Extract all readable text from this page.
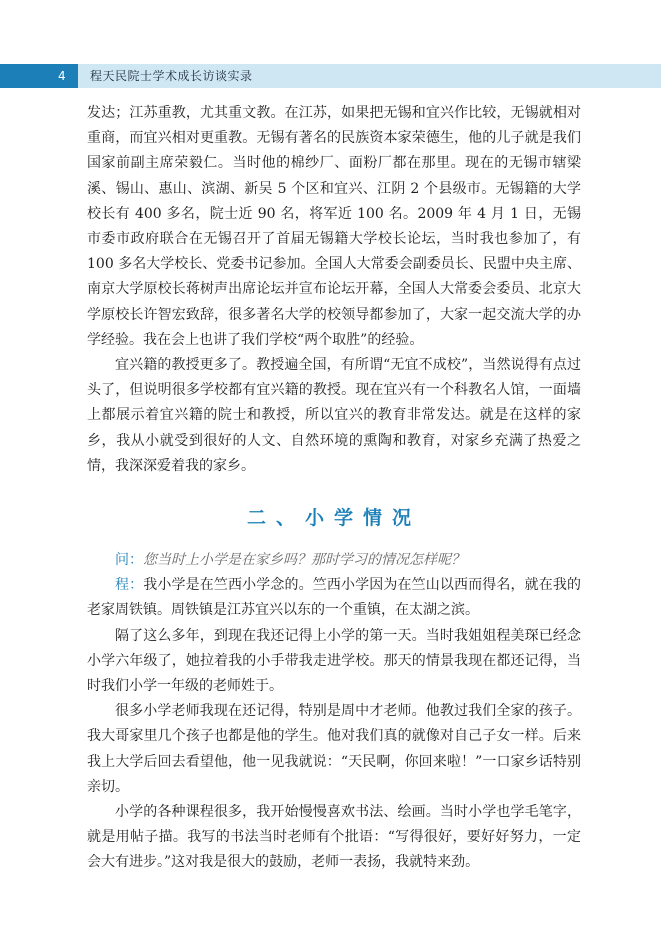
4	程天民院士学术成长访谈实录

发达；江苏重教，尤其重文教。在江苏，如果把无锡和宜兴作比较，无锡就相对重商，而宜兴相对更重教。无锡有著名的民族资本家荣德生，他的儿子就是我们国家前副主席荣毅仁。当时他的棉纱厂、面粉厂都在那里。现在的无锡市辖梁溪、锡山、惠山、滨湖、新吴 5 个区和宜兴、江阴 2 个县级市。无锡籍的大学校长有 400 多名，院士近 90 名，将军近 100 名。2009 年 4 月 1 日，无锡市委市政府联合在无锡召开了首届无锡籍大学校长论坛，当时我也参加了，有 100 多名大学校长、党委书记参加。全国人大常委会副委员长、民盟中央主席、南京大学原校长蒋树声出席论坛并宣布论坛开幕，全国人大常委会委员、北京大学原校长许智宏致辞，很多著名大学的校领导都参加了，大家一起交流大学的办学经验。我在会上也讲了我们学校“两个取胜”的经验。

宜兴籍的教授更多了。教授遍全国，有所谓“无宜不成校”，当然说得有点过头了，但说明很多学校都有宜兴籍的教授。现在宜兴有一个科教名人馆，一面墙上都展示着宜兴籍的院士和教授，所以宜兴的教育非常发达。就是在这样的家乡，我从小就受到很好的人文、自然环境的熏陶和教育，对家乡充满了热爱之情，我深深爱着我的家乡。

二、小学情况

问：您当时上小学是在家乡吗？那时学习的情况怎样呢？

程：我小学是在竺西小学念的。竺西小学因为在竺山以西而得名，就在我的老家周铁镇。周铁镇是江苏宜兴以东的一个重镇，在太湖之滨。

隔了这么多年，到现在我还记得上小学的第一天。当时我姐姐程美琛已经念小学六年级了，她拉着我的小手带我走进学校。那天的情景我现在都还记得，当时我们小学一年级的老师姓于。

很多小学老师我现在还记得，特别是周中才老师。他教过我们全家的孩子。我大哥家里几个孩子也都是他的学生。他对我们真的就像对自己子女一样。后来我上大学后回去看望他，他一见我就说：“天民啊，你回来啦！”一口家乡话特别亲切。

小学的各种课程很多，我开始慢慢喜欢书法、绘画。当时小学也学毛笔字，就是用帖子描。我写的书法当时老师有个批语：“写得很好，要好好努力，一定会大有进步。”这对我是很大的鼓励，老师一表扬，我就特来劲。
